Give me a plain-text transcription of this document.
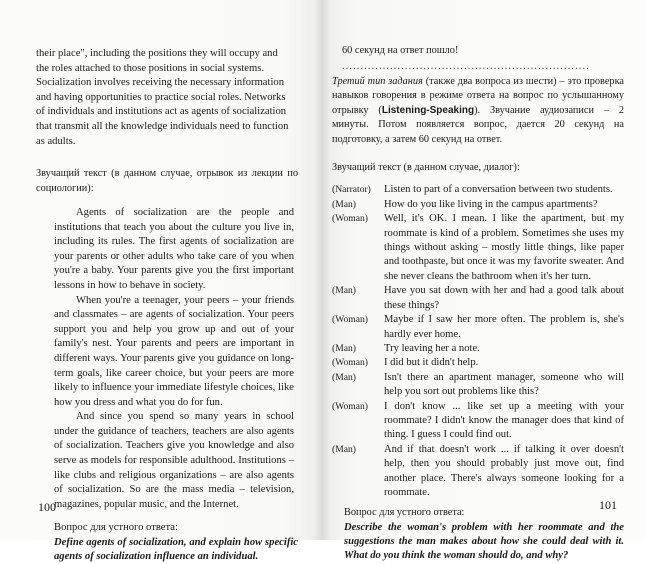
their place", including the positions they will occupy and
the roles attached to those positions in social systems.
Socialization involves receiving the necessary information
and having opportunities to practice social roles. Networks
of individuals and institutions act as agents of socialization
that transmit all the knowledge individuals need to function
as adults.

Звучащий текст (в данном случае, отрывок из лекции по социологии):

Agents of socialization are the people and institutions that teach you about the culture you live in, including its rules. The first agents of socialization are your parents or other adults who take care of you when you're a baby. Your parents give you the first important lessons in how to behave in society.

When you're a teenager, your peers – your friends and classmates – are agents of socialization. Your peers support you and help you grow up and out of your family's nest. Your parents and peers are important in different ways. Your parents give you guidance on long-term goals, like career choice, but your peers are more likely to influence your immediate lifestyle choices, like how you dress and what you do for fun.

And since you spend so many years in school under the guidance of teachers, teachers are also agents of socialization. Teachers give you knowledge and also serve as models for responsible adulthood. Institutions – like clubs and religious organizations – are also agents of socialization. So are the mass media – television, magazines, popular music, and the Internet.

Вопрос для устного ответа:
Define agents of socialization, and explain how specific agents of socialization influence an individual.
100
60 секунд на ответ пошло!
...................................................................

Третий тип задания (также два вопроса из шести) – это проверка навыков говорения в режиме ответа на вопрос по услышанному отрывку (Listening-Speaking). Звучание аудиозаписи – 2 минуты. Потом появляется вопрос, дается 20 секунд на подготовку, а затем 60 секунд на ответ.

Звучащий текст (в данном случае, диалог):

(Narrator)	Listen to part of a conversation between two students.
(Man)	How do you like living in the campus apartments?
(Woman)	Well, it's OK. I mean. I like the apartment, but my roommate is kind of a problem. Sometimes she uses my things without asking – mostly little things, like paper and toothpaste, but once it was my favorite sweater. And she never cleans the bathroom when it's her turn.
(Man)	Have you sat down with her and had a good talk about these things?
(Woman)	Maybe if I saw her more often. The problem is, she's hardly ever home.
(Man)	Try leaving her a note.
(Woman)	I did but it didn't help.
(Man)	Isn't there an apartment manager, someone who will help you sort out problems like this?
(Woman)	I don't know ... like set up a meeting with your roommate? I didn't know the manager does that kind of thing. I guess I could find out.
(Man)	And if that doesn't work ... if talking it over doesn't help, then you should probably just move out, find another place. There's always someone looking for a roommate.
Вопрос для устного ответа:
Describe the woman's problem with her roommate and the suggestions the man makes about how she could deal with it. What do you think the woman should do, and why?
101
